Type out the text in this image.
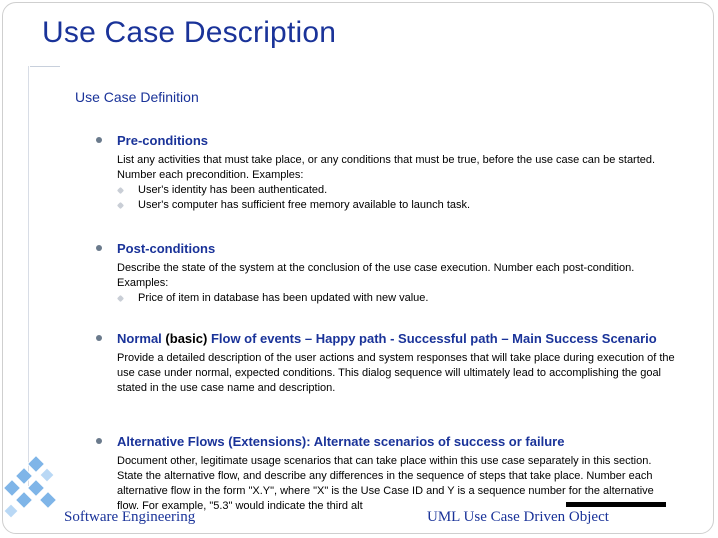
Use Case Description
Use Case Definition
Pre-conditions
List any activities that must take place, or any conditions that must be true, before the use case can be started. Number each precondition. Examples:
User's identity has been authenticated.
User's computer has sufficient free memory available to launch task.
Post-conditions
Describe the state of the system at the conclusion of the use case execution. Number each post-condition. Examples:
Price of item in database has been updated with new value.
Normal (basic) Flow of events – Happy path - Successful path – Main Success Scenario
Provide a detailed description of the user actions and system responses that will take place during execution of the use case under normal, expected conditions. This dialog sequence will ultimately lead to accomplishing the goal stated in the use case name and description.
Alternative Flows (Extensions): Alternate scenarios of success or failure
Document other, legitimate usage scenarios that can take place within this use case separately in this section. State the alternative flow, and describe any differences in the sequence of steps that take place. Number each alternative flow in the form "X.Y", where "X" is the Use Case ID and Y is a sequence number for the alternative flow. For example, "5.3" would indicate the third alt
Software Engineering	UML Use Case Driven Object
